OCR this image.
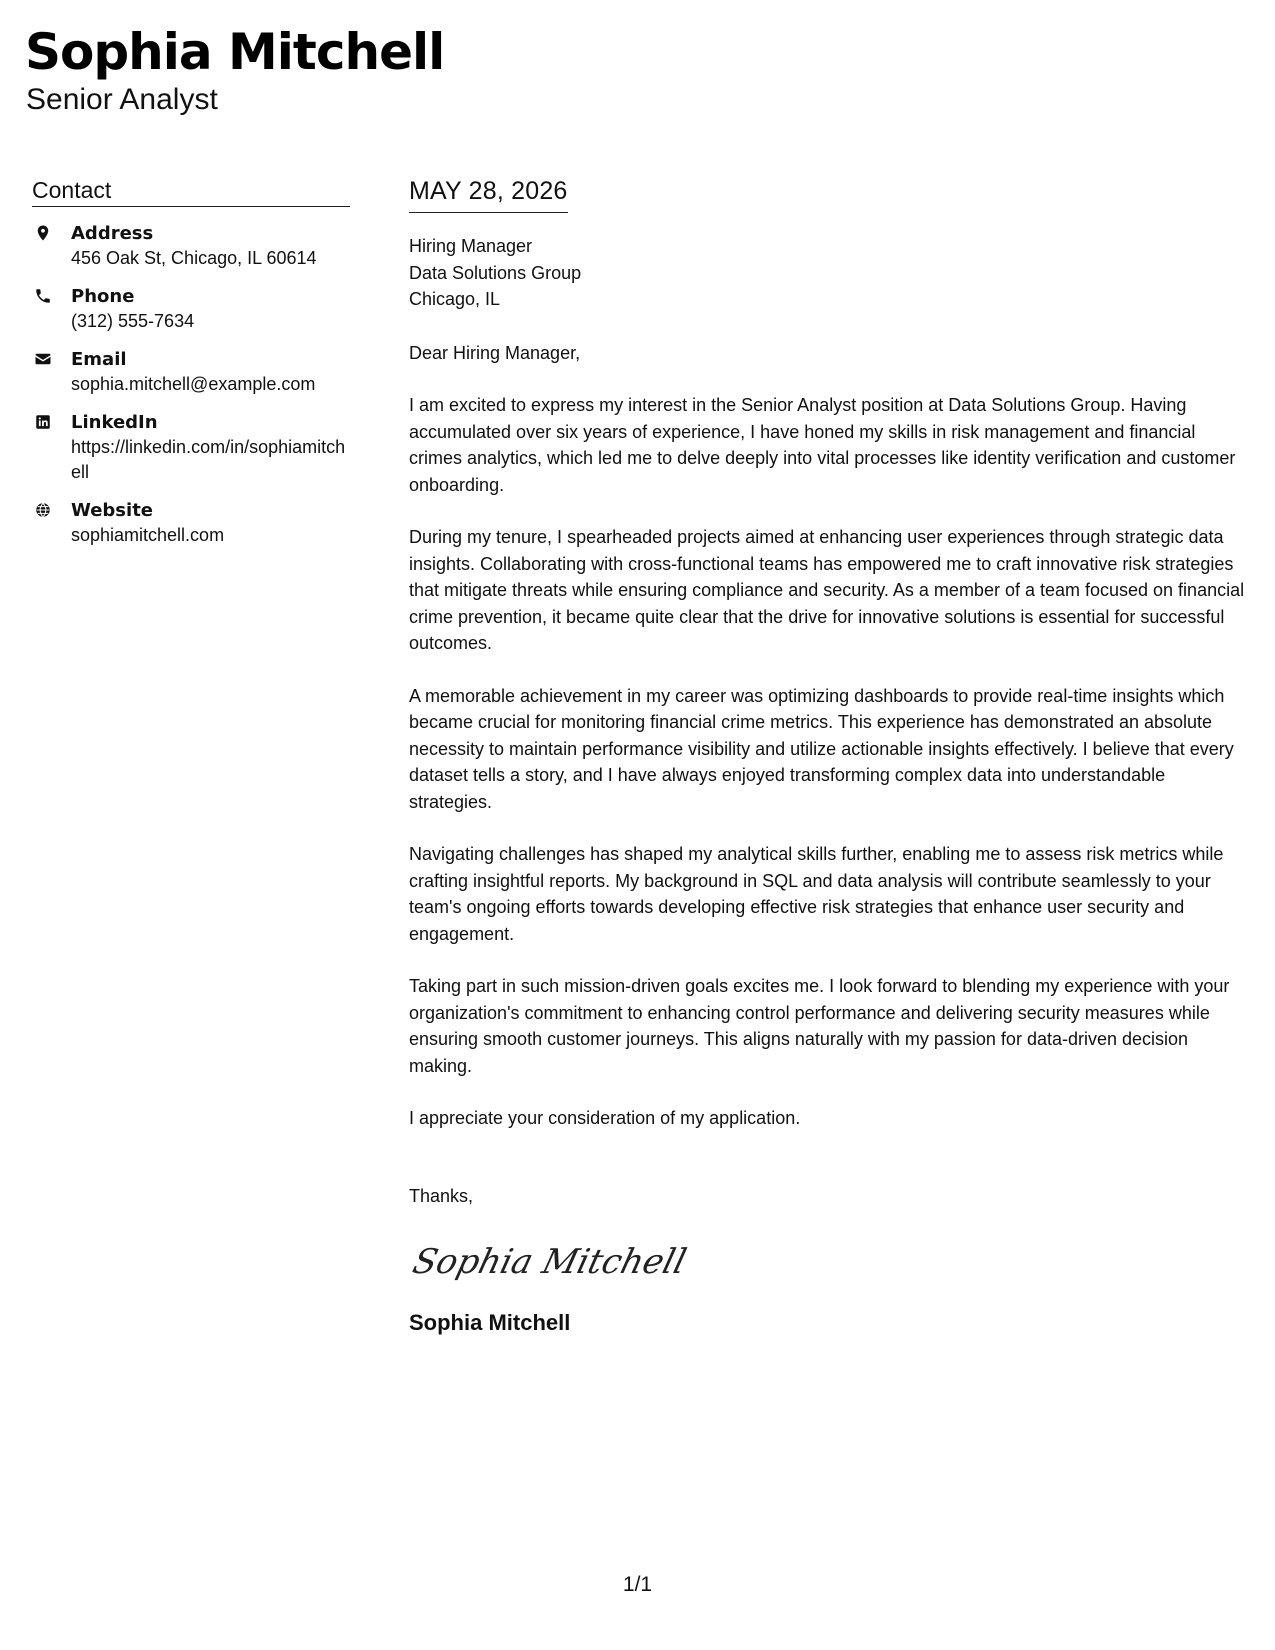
Sophia Mitchell
Senior Analyst
Contact
Address
456 Oak St, Chicago, IL 60614
Phone
(312) 555-7634
Email
sophia.mitchell@example.com
LinkedIn
https://linkedin.com/in/sophiamitchell
Website
sophiamitchell.com
MAY 28, 2026
Hiring Manager
Data Solutions Group
Chicago, IL
Dear Hiring Manager,

I am excited to express my interest in the Senior Analyst position at Data Solutions Group. Having accumulated over six years of experience, I have honed my skills in risk management and financial crimes analytics, which led me to delve deeply into vital processes like identity verification and customer onboarding.

During my tenure, I spearheaded projects aimed at enhancing user experiences through strategic data insights. Collaborating with cross-functional teams has empowered me to craft innovative risk strategies that mitigate threats while ensuring compliance and security. As a member of a team focused on financial crime prevention, it became quite clear that the drive for innovative solutions is essential for successful outcomes.

A memorable achievement in my career was optimizing dashboards to provide real-time insights which became crucial for monitoring financial crime metrics. This experience has demonstrated an absolute necessity to maintain performance visibility and utilize actionable insights effectively. I believe that every dataset tells a story, and I have always enjoyed transforming complex data into understandable strategies.

Navigating challenges has shaped my analytical skills further, enabling me to assess risk metrics while crafting insightful reports. My background in SQL and data analysis will contribute seamlessly to your team's ongoing efforts towards developing effective risk strategies that enhance user security and engagement.

Taking part in such mission-driven goals excites me. I look forward to blending my experience with your organization's commitment to enhancing control performance and delivering security measures while ensuring smooth customer journeys. This aligns naturally with my passion for data-driven decision making.

I appreciate your consideration of my application.

Thanks,
Sophia Mitchell
Sophia Mitchell
1/1
